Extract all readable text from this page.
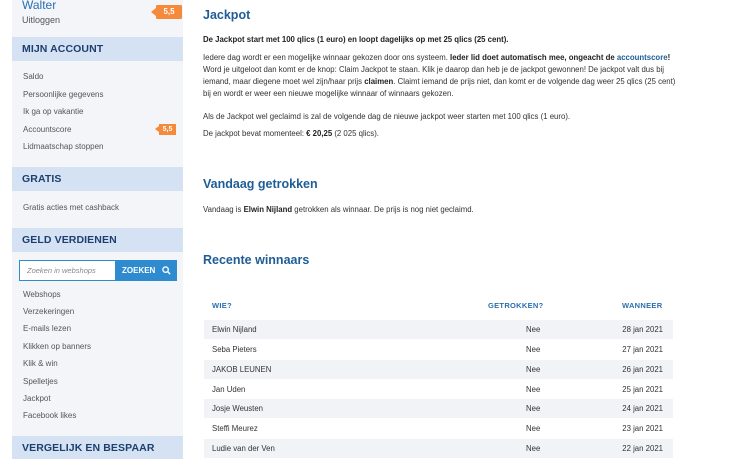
Walter
Uitloggen
5,5
MIJN ACCOUNT
Saldo
Persoonlijke gegevens
Ik ga op vakantie
Accountscore	5,5
Lidmaatschap stoppen
GRATIS
Gratis acties met cashback
GELD VERDIENEN
Zoeken in webshops
ZOEKEN
Webshops
Verzekeringen
E-mails lezen
Klikken op banners
Klik & win
Spelletjes
Jackpot
Facebook likes
VERGELIJK EN BESPAAR
Jackpot
De Jackpot start met 100 qlics (1 euro) en loopt dagelijks op met 25 qlics (25 cent).
Iedere dag wordt er een mogelijke winnaar gekozen door ons systeem. Ieder lid doet automatisch mee, ongeacht de accountscore! Word je uitgeloot dan komt er de knop: Claim Jackpot te staan. Klik je daarop dan heb je de jackpot gewonnen! De jackpot valt dus bij iemand, maar diegene moet wel zijn/haar prijs claimen. Claimt iemand de prijs niet, dan komt er de volgende dag weer 25 qlics (25 cent) bij en wordt er weer een nieuwe mogelijke winnaar of winnaars gekozen.
Als de Jackpot wel geclaimd is zal de volgende dag de nieuwe jackpot weer starten met 100 qlics (1 euro).
De jackpot bevat momenteel: € 20,25 (2 025 qlics).
Vandaag getrokken
Vandaag is Elwin Nijland getrokken als winnaar. De prijs is nog niet geclaimd.
Recente winnaars
WIE?	GETROKKEN?	WANNEER
Elwin Nijland	Nee	28 jan 2021
Seba Pieters	Nee	27 jan 2021
JAKOB LEUNEN	Nee	26 jan 2021
Jan Uden	Nee	25 jan 2021
Josje Weusten	Nee	24 jan 2021
Steffi Meurez	Nee	23 jan 2021
Ludie van der Ven	Nee	22 jan 2021
